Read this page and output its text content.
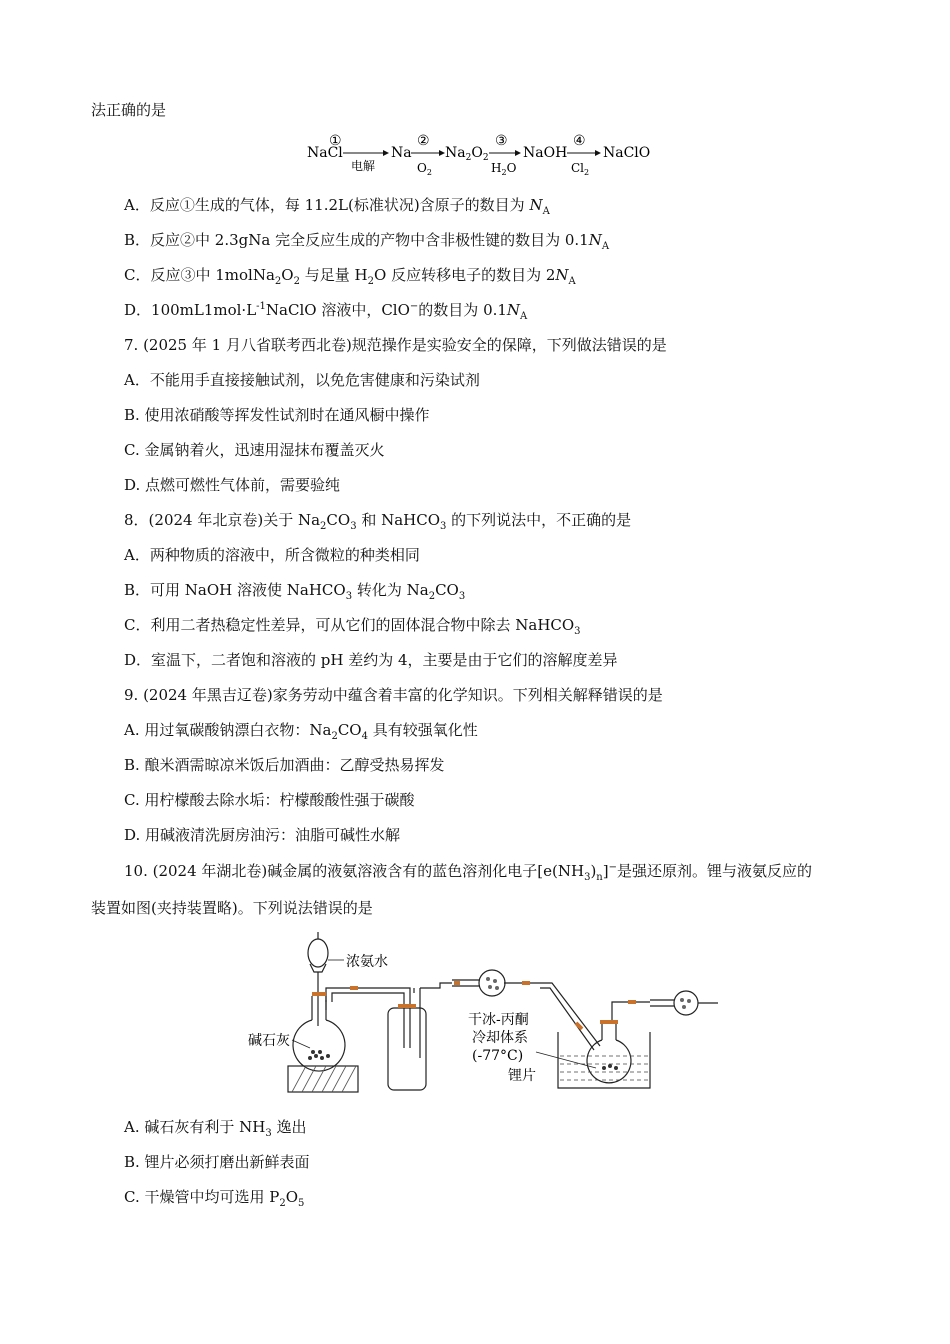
法正确的是
NaCl
①
电解
Na
②
$O_2$
$Na_2O_2$
③
$H_2O$
NaOH
④
$Cl_2$
NaClO
A．反应①生成的气体，每 11.2L(标准状况)含原子的数目为 $N_A$
B．反应②中 2.3gNa 完全反应生成的产物中含非极性键的数目为 $0.1N_A$
C．反应③中 $1molNa_2O_2$ 与足量 $H_2O$ 反应转移电子的数目为 $2N_A$
D．$100mL1mol\cdot L^{-1}NaClO$ 溶液中，ClO−的数目为 $0.1N_A$
7. (2025 年 1 月八省联考西北卷)规范操作是实验安全的保障，下列做法错误的是
A．不能用手直接接触试剂，以免危害健康和污染试剂
B. 使用浓硝酸等挥发性试剂时在通风橱中操作
C. 金属钠着火，迅速用湿抹布覆盖灭火
D. 点燃可燃性气体前，需要验纯
8．(2024 年北京卷)关于 $Na_2CO_3$ 和 NaHCO$_3$ 的下列说法中，不正确的是
A．两种物质的溶液中，所含微粒的种类相同
B．可用 NaOH 溶液使 NaHCO$_3$ 转化为 $Na_2CO_3$
C．利用二者热稳定性差异，可从它们的固体混合物中除去 NaHCO$_3$
D．室温下，二者饱和溶液的 pH 差约为 4，主要是由于它们的溶解度差异
9. (2024 年黑吉辽卷)家务劳动中蕴含着丰富的化学知识。下列相关解释错误的是
A. 用过氧碳酸钠漂白衣物：$Na_2CO_4$ 具有较强氧化性
B. 酿米酒需晾凉米饭后加酒曲：乙醇受热易挥发
C. 用柠檬酸去除水垢：柠檬酸酸性强于碳酸
D. 用碱液清洗厨房油污：油脂可碱性水解
10. (2024 年湖北卷)碱金属的液氨溶液含有的蓝色溶剂化电子$[e(NH_3)_n]^-$是强还原剂。锂与液氨反应的
装置如图(夹持装置略)。下列说法错误的是
浓氨水
碱石灰
干冰-丙酮
冷却体系
(-77°C)
锂片
A. 碱石灰有利于 $NH_3$ 逸出
B. 锂片必须打磨出新鲜表面
C. 干燥管中均可选用 $P_2O_5$
